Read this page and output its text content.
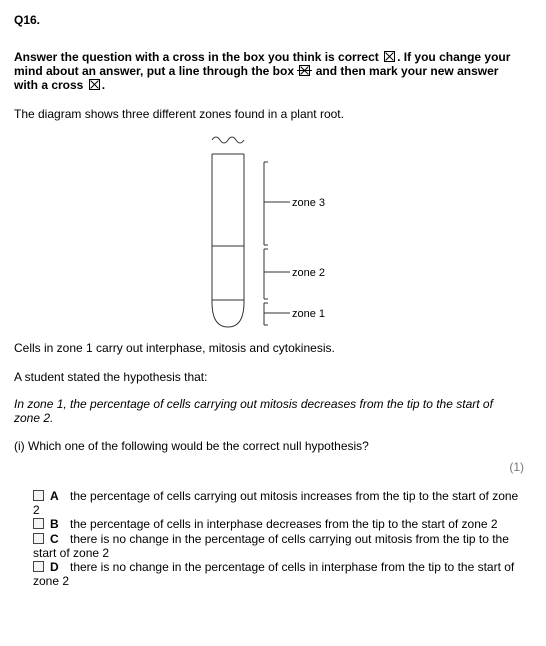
Q16.
Answer the question with a cross in the box you think is correct ☒ . If you change your mind about an answer, put a line through the box and then mark your new answer with a cross ☒ .
The diagram shows three different zones found in a plant root.
zone 3
zone 2
zone 1
Cells in zone 1 carry out interphase, mitosis and cytokinesis.
A student stated the hypothesis that:
In zone 1, the percentage of cells carrying out mitosis decreases from the tip to the start of zone 2.
(i) Which one of the following would be the correct null hypothesis?
(1)
A the percentage of cells carrying out mitosis increases from the tip to the start of zone 2
B the percentage of cells in interphase decreases from the tip to the start of zone 2
C there is no change in the percentage of cells carrying out mitosis from the tip to the start of zone 2
D there is no change in the percentage of cells in interphase from the tip to the start of zone 2
